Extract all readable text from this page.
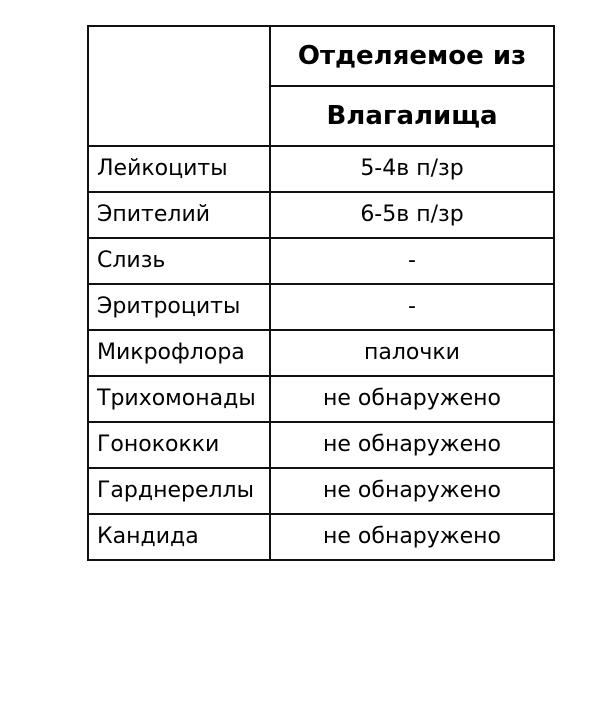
	Отделяемое из
	Влагалища
Лейкоциты	5-4в п/зр
Эпителий	6-5в п/зр
Слизь	-
Эритроциты	-
Микрофлора	палочки
Трихомонады	не обнаружено
Гонококки	не обнаружено
Гарднереллы	не обнаружено
Кандида	не обнаружено
